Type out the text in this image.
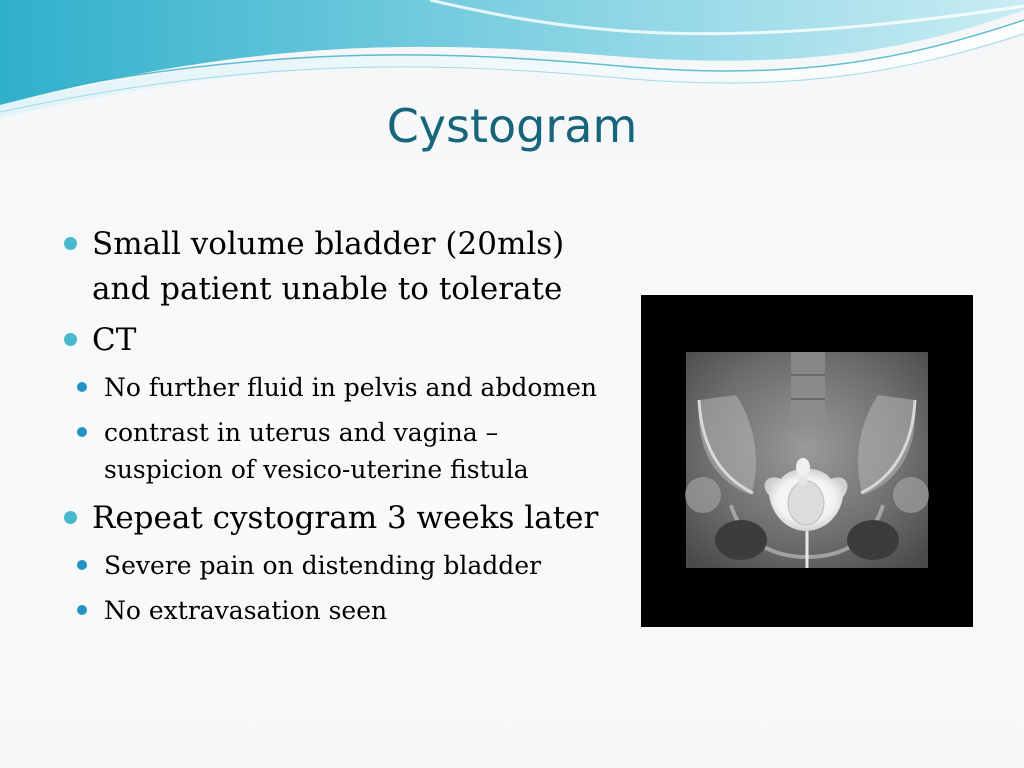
Cystogram
Small volume bladder (20mls) and patient unable to tolerate
CT
No further fluid in pelvis and abdomen
contrast in uterus and vagina – suspicion of vesico-uterine fistula
Repeat cystogram 3 weeks later
Severe pain on distending bladder
No extravasation seen
